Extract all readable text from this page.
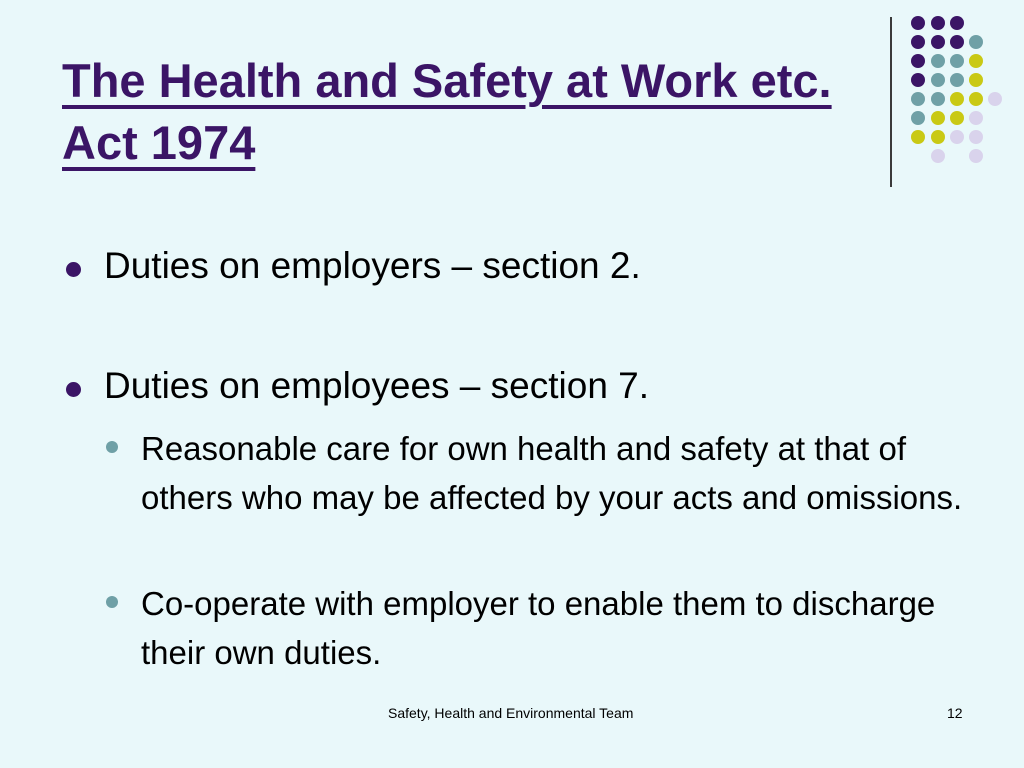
The Health and Safety at Work etc. Act 1974
Duties on employers – section 2.
Duties on employees – section 7.
Reasonable care for own health and safety at that of others who may be affected by your acts and omissions.
Co-operate with employer to enable them to discharge their own duties.
Safety, Health and Environmental Team	12
